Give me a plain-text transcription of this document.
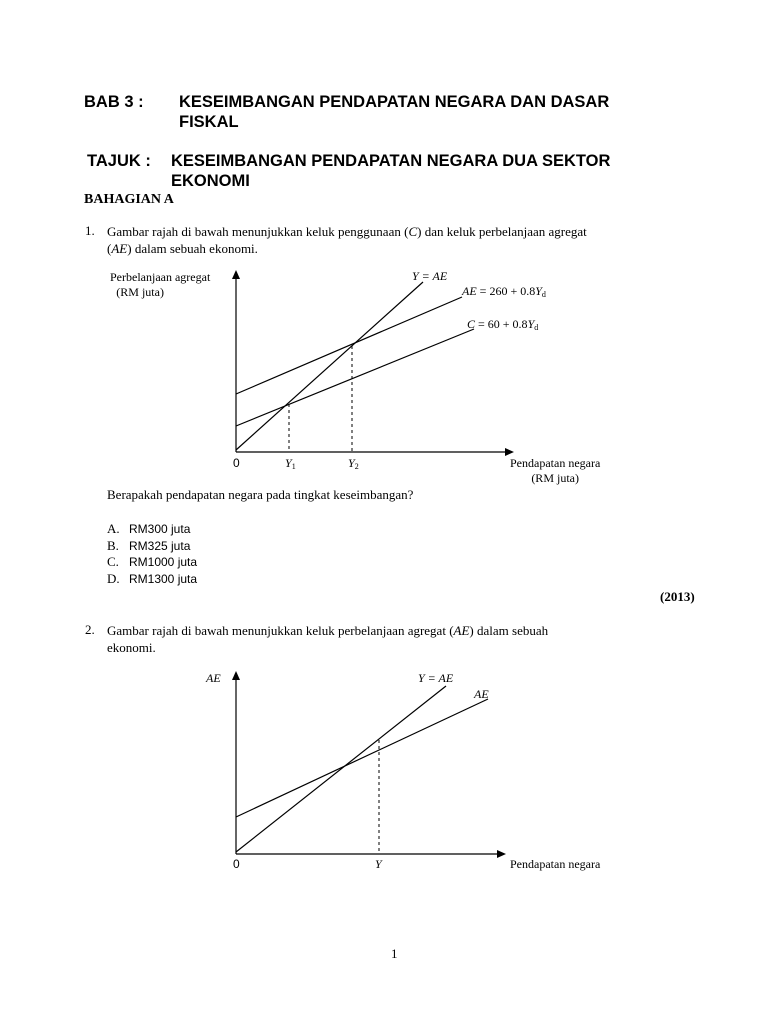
BAB 3 : KESEIMBANGAN PENDAPATAN NEGARA DAN DASAR
FISKAL
TAJUK : KESEIMBANGAN PENDAPATAN NEGARA DUA SEKTOR
EKONOMI
BAHAGIAN A
1. Gambar rajah di bawah menunjukkan keluk penggunaan (C) dan keluk perbelanjaan agregat
(AE) dalam sebuah ekonomi.
0	Y1	Y2
Y = AE
AE = 260 + 0.8Yd
C = 60 + 0.8Yd
Perbelanjaan agregat
(RM juta)
Pendapatan negara
(RM juta)
Berapakah pendapatan negara pada tingkat keseimbangan?
A. RM300 juta
B. RM325 juta
C. RM1000 juta
D. RM1300 juta
(2013)
2. Gambar rajah di bawah menunjukkan keluk perbelanjaan agregat (AE) dalam sebuah
ekonomi.
0	Y
AE	Y = AE
AE
Pendapatan negara
1
